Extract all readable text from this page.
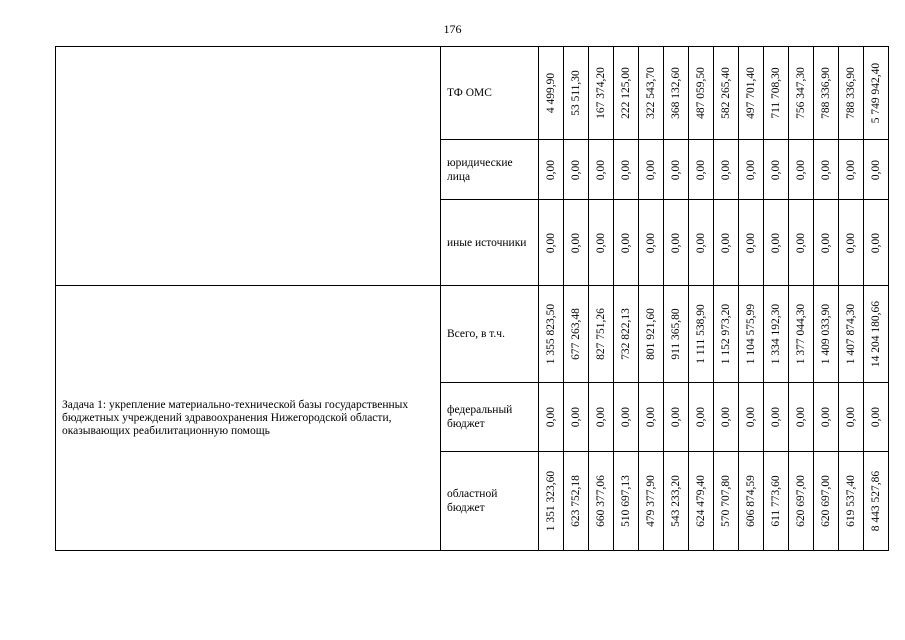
176
	ТФ ОМС	4 499,90	53 511,30	167 374,20	222 125,00	322 543,70	368 132,60	487 059,50	582 265,40	497 701,40	711 708,30	756 347,30	788 336,90	788 336,90	5 749 942,40

	юридические лица	0,00	0,00	0,00	0,00	0,00	0,00	0,00	0,00	0,00	0,00	0,00	0,00	0,00	0,00

	иные источники	0,00	0,00	0,00	0,00	0,00	0,00	0,00	0,00	0,00	0,00	0,00	0,00	0,00	0,00

Задача 1: укрепление материально-технической базы государственных бюджетных учреждений здравоохранения Нижегородской области, оказывающих реабилитационную помощь	Всего, в т.ч.	1 355 823,50	677 263,48	827 751,26	732 822,13	801 921,60	911 365,80	1 111 538,90	1 152 973,20	1 104 575,99	1 334 192,30	1 377 044,30	1 409 033,90	1 407 874,30	14 204 180,66

	федеральный бюджет	0,00	0,00	0,00	0,00	0,00	0,00	0,00	0,00	0,00	0,00	0,00	0,00	0,00	0,00

	областной бюджет	1 351 323,60	623 752,18	660 377,06	510 697,13	479 377,90	543 233,20	624 479,40	570 707,80	606 874,59	611 773,60	620 697,00	620 697,00	619 537,40	8 443 527,86
